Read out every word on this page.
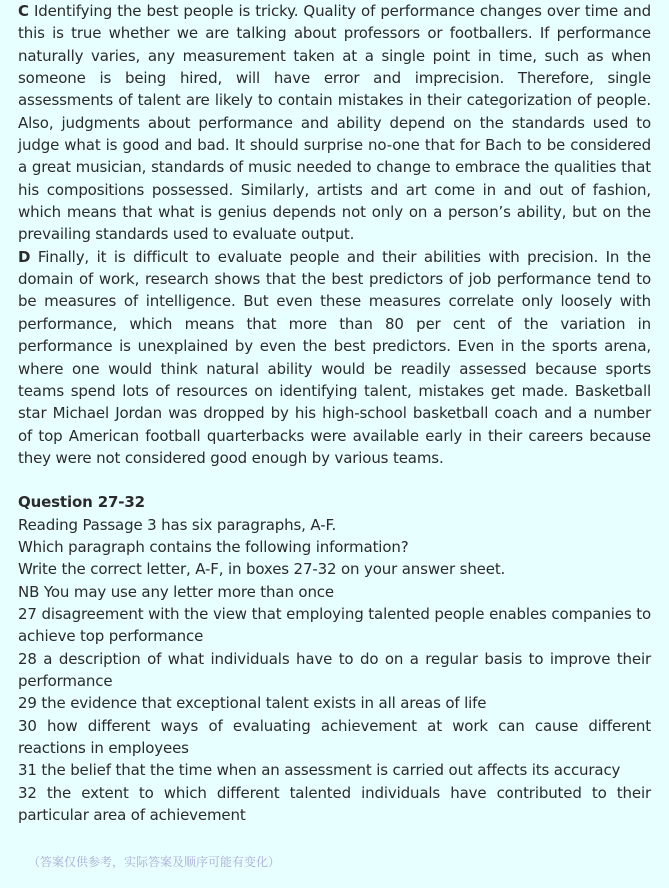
C Identifying the best people is tricky. Quality of performance changes over time and this is true whether we are talking about professors or footballers. If performance naturally varies, any measurement taken at a single point in time, such as when someone is being hired, will have error and imprecision. Therefore, single assessments of talent are likely to contain mistakes in their categorization of people. Also, judgments about performance and ability depend on the standards used to judge what is good and bad. It should surprise no-one that for Bach to be considered a great musician, standards of music needed to change to embrace the qualities that his compositions possessed. Similarly, artists and art come in and out of fashion, which means that what is genius depends not only on a person’s ability, but on the prevailing standards used to evaluate output.

D Finally, it is difficult to evaluate people and their abilities with precision. In the domain of work, research shows that the best predictors of job performance tend to be measures of intelligence. But even these measures correlate only loosely with performance, which means that more than 80 per cent of the variation in performance is unexplained by even the best predictors. Even in the sports arena, where one would think natural ability would be readily assessed because sports teams spend lots of resources on identifying talent, mistakes get made. Basketball star Michael Jordan was dropped by his high-school basketball coach and a number of top American football quarterbacks were available early in their careers because they were not considered good enough by various teams.

Question 27-32

Reading Passage 3 has six paragraphs, A-F.

Which paragraph contains the following information?

Write the correct letter, A-F, in boxes 27-32 on your answer sheet.

NB You may use any letter more than once

27 disagreement with the view that employing talented people enables companies to achieve top performance

28 a description of what individuals have to do on a regular basis to improve their performance

29 the evidence that exceptional talent exists in all areas of life

30 how different ways of evaluating achievement at work can cause different reactions in employees

31 the belief that the time when an assessment is carried out affects its accuracy

32 the extent to which different talented individuals have contributed to their particular area of achievement

（答案仅供参考，实际答案及顺序可能有变化）
